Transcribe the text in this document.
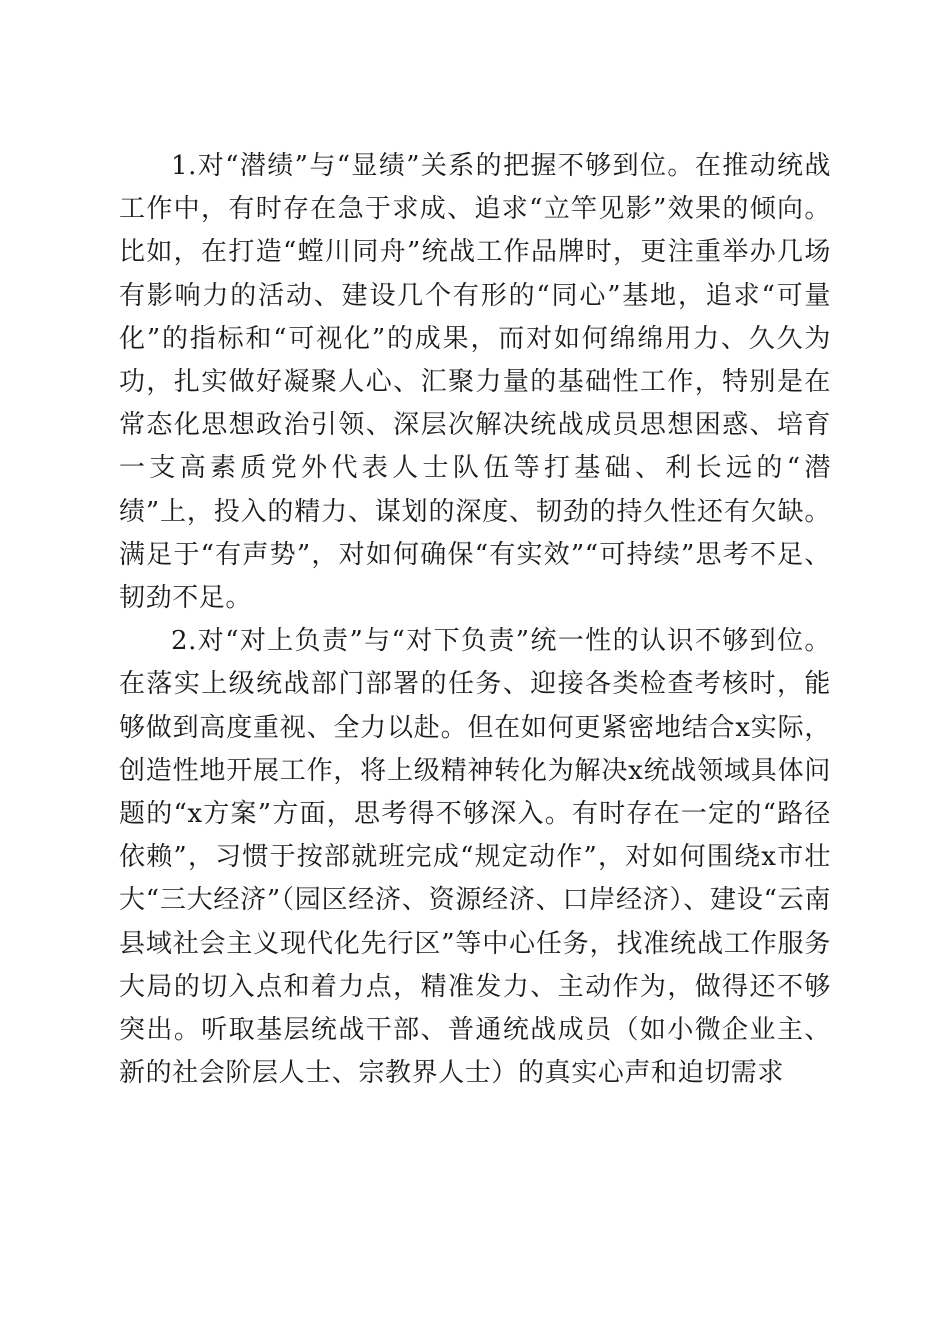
1.对“潜绩”与“显绩”关系的把握不够到位。在推动统战工作中，有时存在急于求成、追求“立竿见影”效果的倾向。比如，在打造“螳川同舟”统战工作品牌时，更注重举办几场有影响力的活动、建设几个有形的“同心”基地，追求“可量化”的指标和“可视化”的成果，而对如何绵绵用力、久久为功，扎实做好凝聚人心、汇聚力量的基础性工作，特别是在常态化思想政治引领、深层次解决统战成员思想困惑、培育一支高素质党外代表人士队伍等打基础、利长远的“潜绩”上，投入的精力、谋划的深度、韧劲的持久性还有欠缺。满足于“有声势”，对如何确保“有实效”“可持续”思考不足、韧劲不足。

2.对“对上负责”与“对下负责”统一性的认识不够到位。在落实上级统战部门部署的任务、迎接各类检查考核时，能够做到高度重视、全力以赴。但在如何更紧密地结合x实际，创造性地开展工作，将上级精神转化为解决x统战领域具体问题的“x方案”方面，思考得不够深入。有时存在一定的“路径依赖”，习惯于按部就班完成“规定动作”，对如何围绕x市壮大“三大经济”（园区经济、资源经济、口岸经济）、建设“云南县域社会主义现代化先行区”等中心任务，找准统战工作服务大局的切入点和着力点，精准发力、主动作为，做得还不够突出。听取基层统战干部、普通统战成员（如小微企业主、新的社会阶层人士、宗教界人士）的真实心声和迫切需求
